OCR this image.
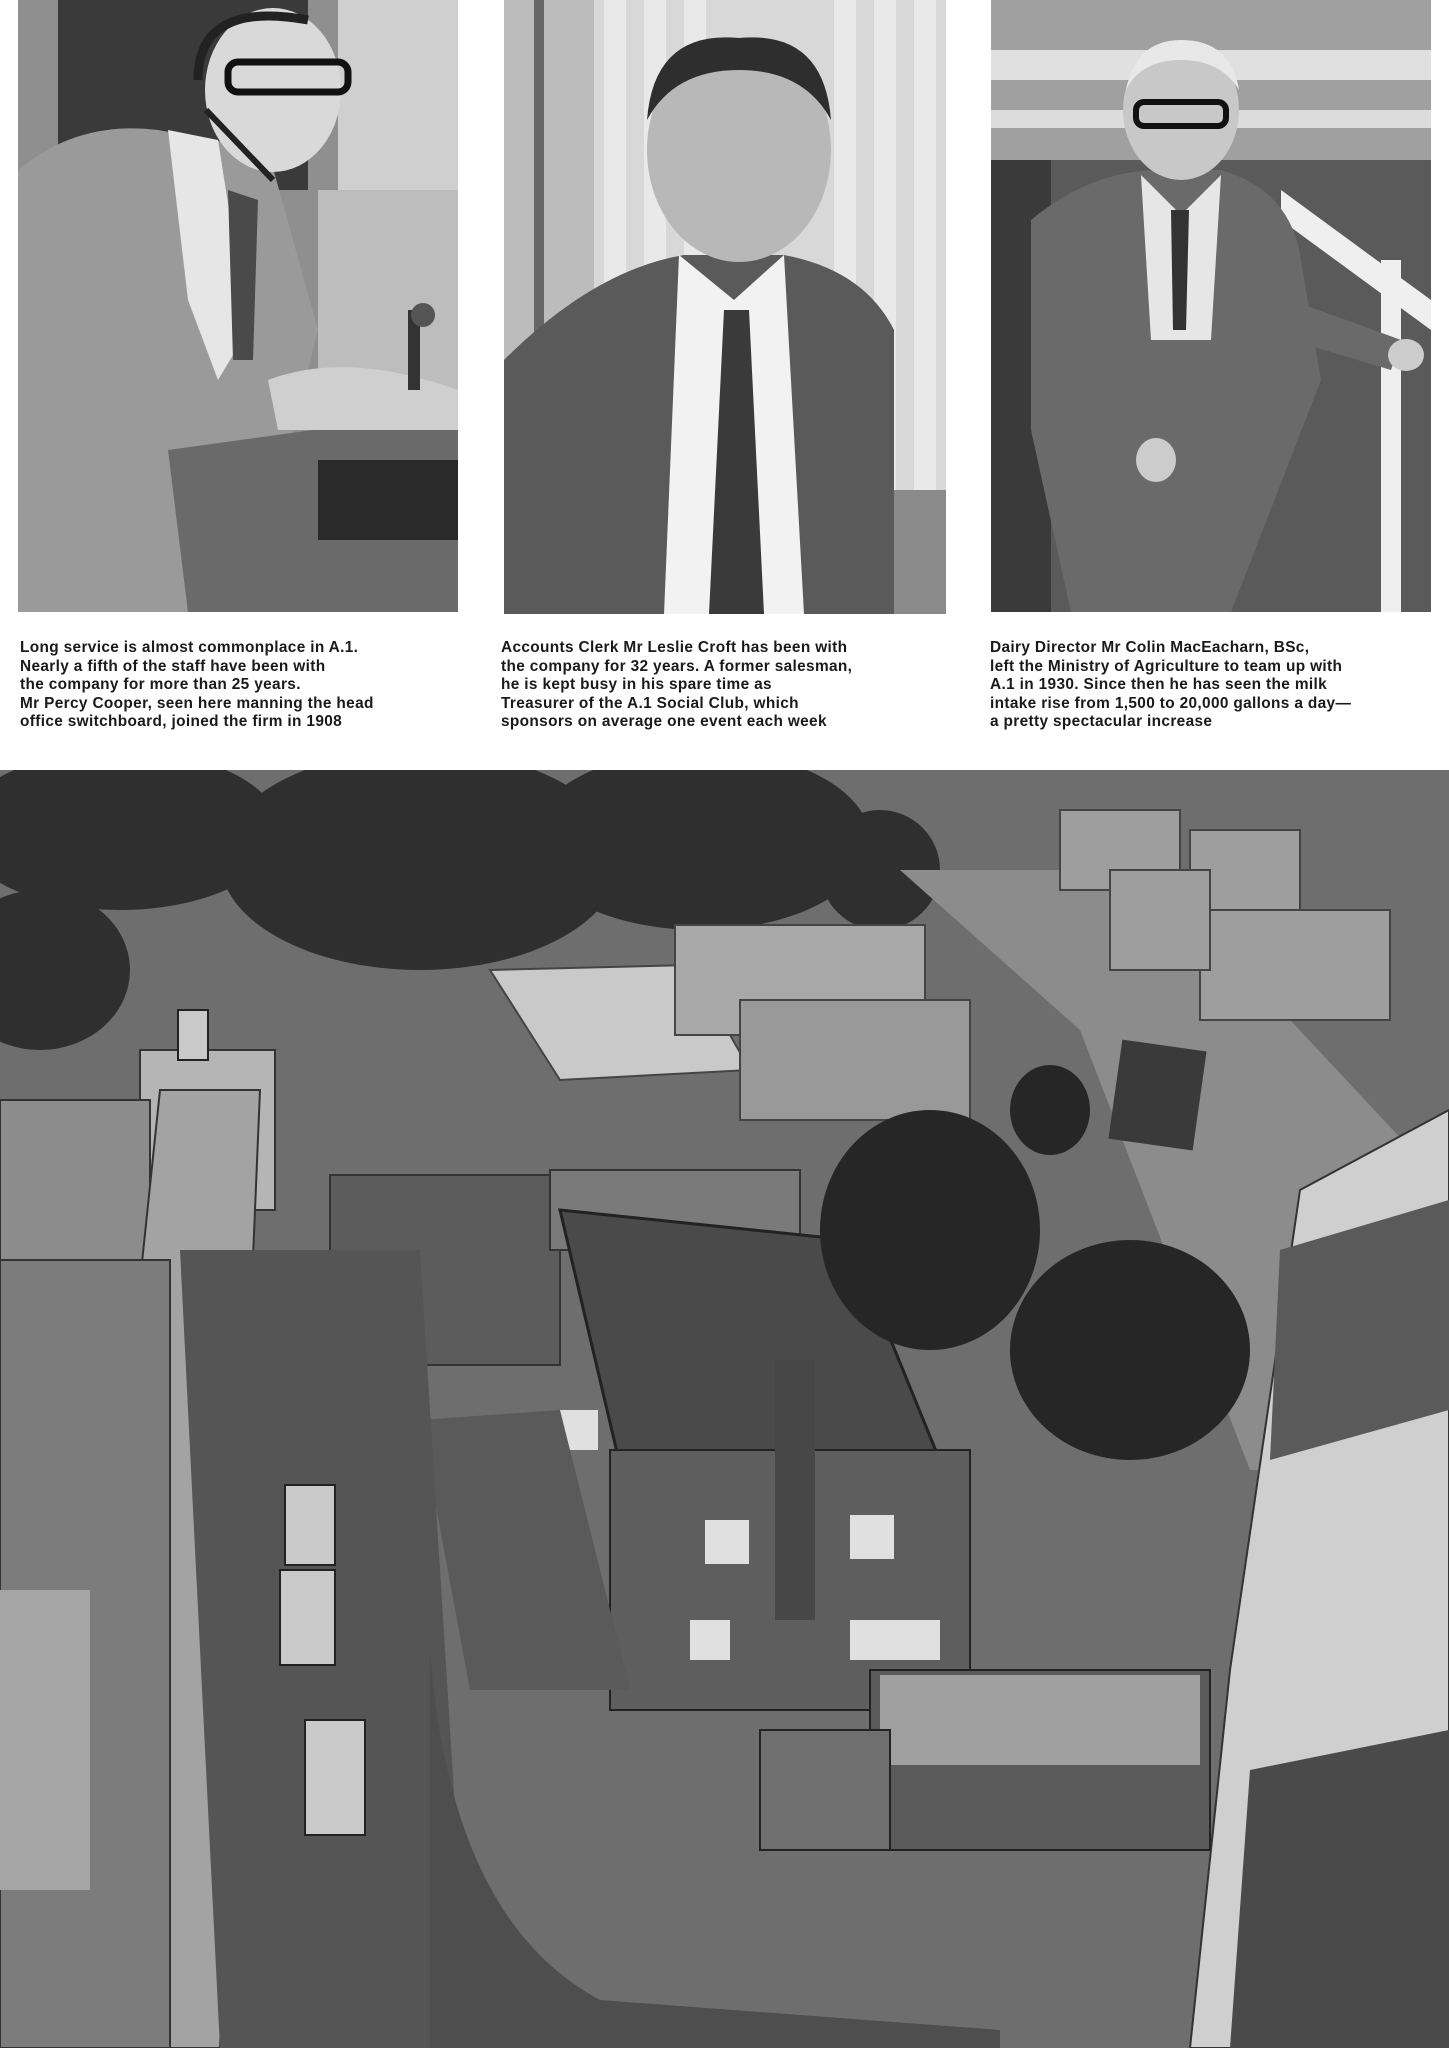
Long service is almost commonplace in A.1.
Nearly a fifth of the staff have been with
the company for more than 25 years.
Mr Percy Cooper, seen here manning the head
office switchboard, joined the firm in 1908

Accounts Clerk Mr Leslie Croft has been with
the company for 32 years. A former salesman,
he is kept busy in his spare time as
Treasurer of the A.1 Social Club, which
sponsors on average one event each week

Dairy Director Mr Colin MacEacharn, BSc,
left the Ministry of Agriculture to team up with
A.1 in 1930. Since then he has seen the milk
intake rise from 1,500 to 20,000 gallons a day—
a pretty spectacular increase
